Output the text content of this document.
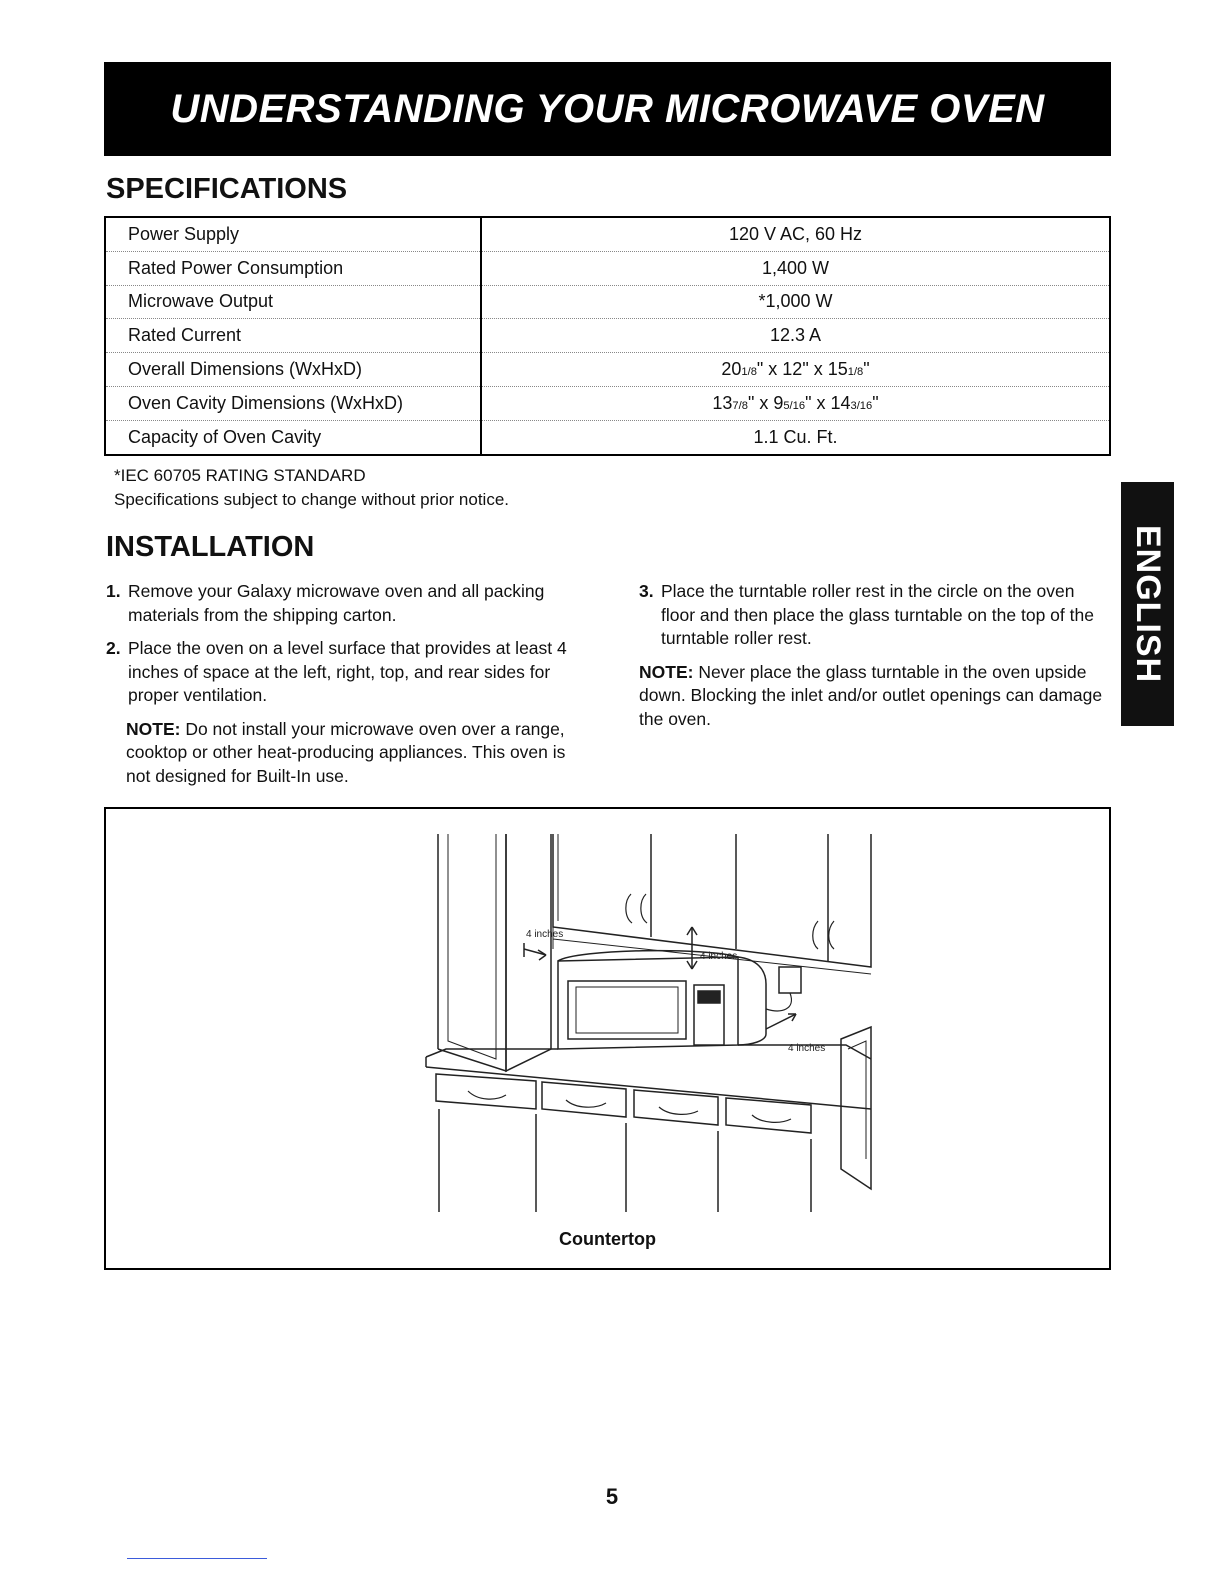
UNDERSTANDING YOUR MICROWAVE OVEN
SPECIFICATIONS
Power Supply	120 V AC, 60 Hz
Rated Power Consumption	1,400 W
Microwave Output	*1,000 W
Rated Current	12.3 A
Overall Dimensions (WxHxD)	201/8" x 12" x 151/8"
Oven Cavity Dimensions (WxHxD)	137/8" x 95/16" x 143/16"
Capacity of Oven Cavity	1.1 Cu. Ft.
*IEC 60705 RATING STANDARD
Specifications subject to change without prior notice.
INSTALLATION
1. Remove your Galaxy microwave oven and all packing materials from the shipping carton.
2. Place the oven on a level surface that provides at least 4 inches of space at the left, right, top, and rear sides for proper ventilation.
NOTE: Do not install your microwave oven over a range, cooktop or other heat-producing appliances. This oven is not designed for Built-In use.
3. Place the turntable roller rest in the circle on the oven floor and then place the glass turntable on the top of the turntable roller rest.
NOTE: Never place the glass turntable in the oven upside down. Blocking the inlet and/or outlet openings can damage the oven.
ENGLISH
4 inches
4 inches
4 inches
Countertop
5
